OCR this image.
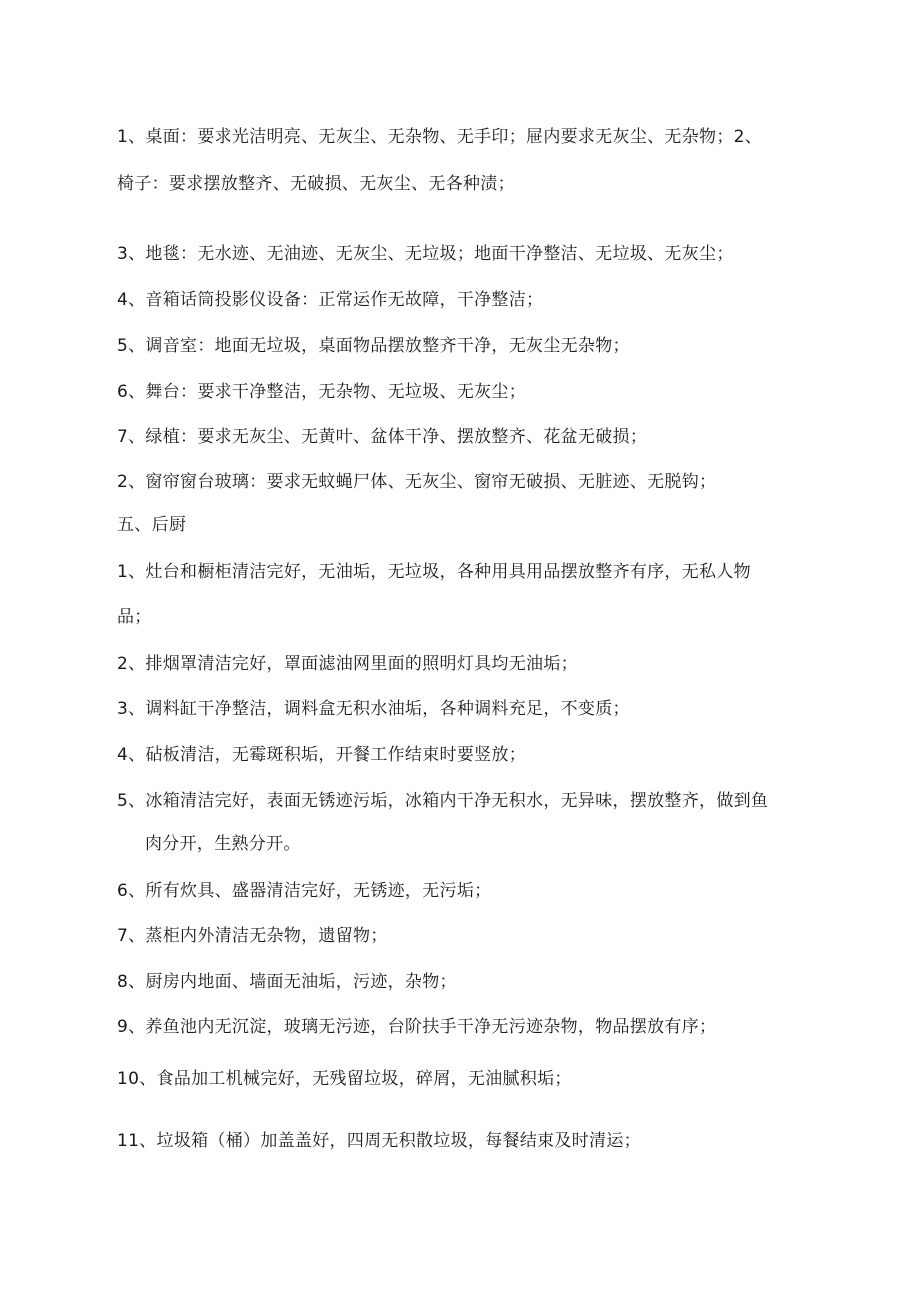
1、桌面：要求光洁明亮、无灰尘、无杂物、无手印；屉内要求无灰尘、无杂物；2、
椅子：要求摆放整齐、无破损、无灰尘、无各种渍；
3、地毯：无水迹、无油迹、无灰尘、无垃圾；地面干净整洁、无垃圾、无灰尘；
4、音箱话筒投影仪设备：正常运作无故障，干净整洁；
5、调音室：地面无垃圾，桌面物品摆放整齐干净，无灰尘无杂物；
6、舞台：要求干净整洁，无杂物、无垃圾、无灰尘；
7、绿植：要求无灰尘、无黄叶、盆体干净、摆放整齐、花盆无破损；
2、窗帘窗台玻璃：要求无蚊蝇尸体、无灰尘、窗帘无破损、无脏迹、无脱钩；
五、后厨
1、灶台和橱柜清洁完好，无油垢，无垃圾，各种用具用品摆放整齐有序，无私人物
品；
2、排烟罩清洁完好，罩面滤油网里面的照明灯具均无油垢；
3、调料缸干净整洁，调料盒无积水油垢，各种调料充足，不变质；
4、砧板清洁，无霉斑积垢，开餐工作结束时要竖放；
5、冰箱清洁完好，表面无锈迹污垢，冰箱内干净无积水，无异味，摆放整齐，做到鱼
肉分开，生熟分开。
6、所有炊具、盛器清洁完好，无锈迹，无污垢；
7、蒸柜内外清洁无杂物，遗留物；
8、厨房内地面、墙面无油垢，污迹，杂物；
9、养鱼池内无沉淀，玻璃无污迹，台阶扶手干净无污迹杂物，物品摆放有序；
10、食品加工机械完好，无残留垃圾，碎屑，无油腻积垢；
11、垃圾箱（桶）加盖盖好，四周无积散垃圾，每餐结束及时清运；
